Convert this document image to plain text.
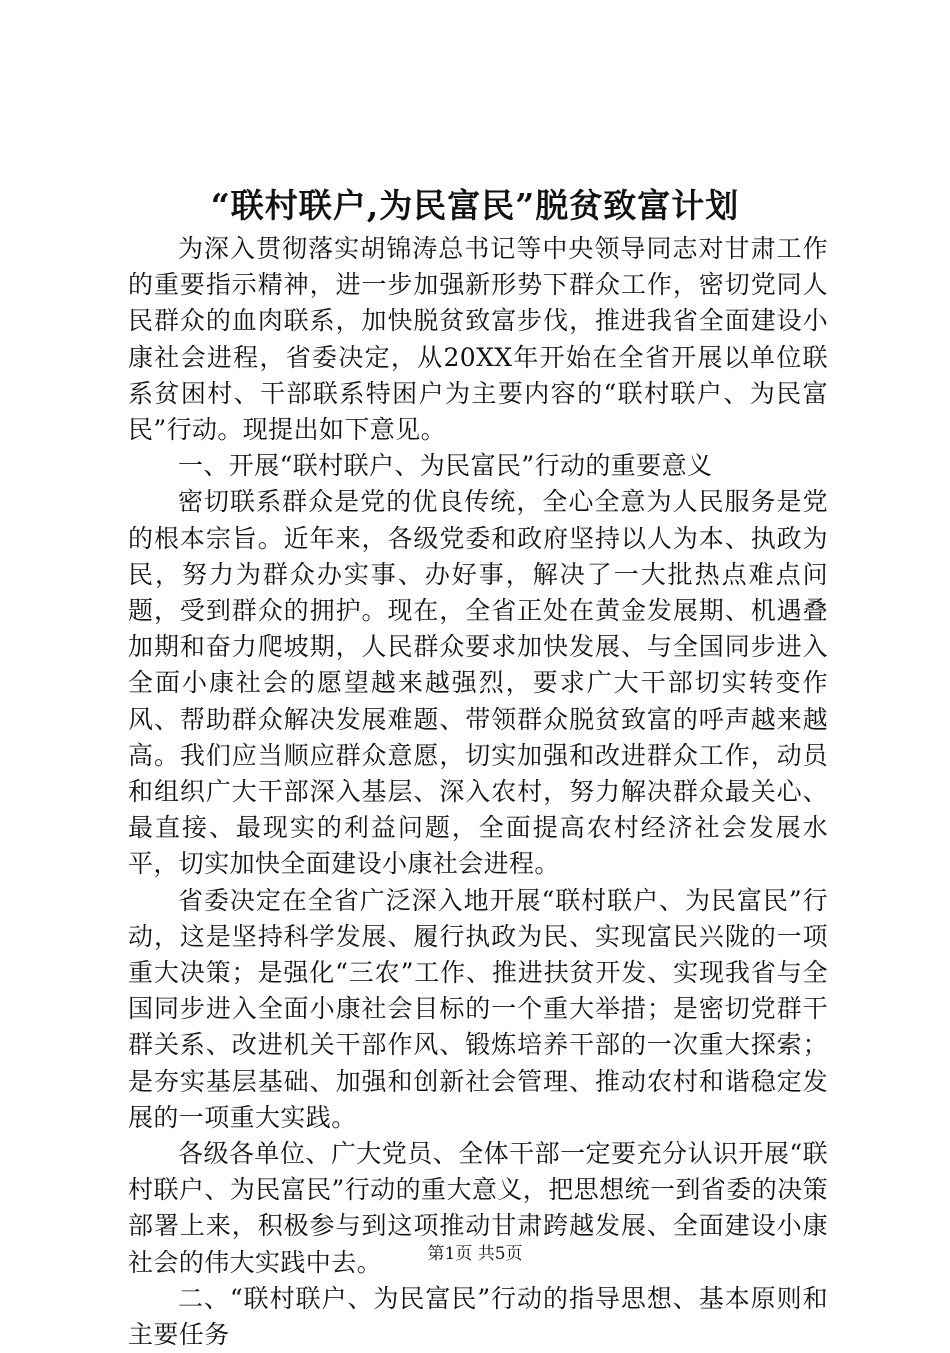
“联村联户,为民富民”脱贫致富计划

为深入贯彻落实胡锦涛总书记等中央领导同志对甘肃工作的重要指示精神，进一步加强新形势下群众工作，密切党同人民群众的血肉联系，加快脱贫致富步伐，推进我省全面建设小康社会进程，省委决定，从20XX年开始在全省开展以单位联系贫困村、干部联系特困户为主要内容的“联村联户、为民富民”行动。现提出如下意见。

一、开展“联村联户、为民富民”行动的重要意义

密切联系群众是党的优良传统，全心全意为人民服务是党的根本宗旨。近年来，各级党委和政府坚持以人为本、执政为民，努力为群众办实事、办好事，解决了一大批热点难点问题，受到群众的拥护。现在，全省正处在黄金发展期、机遇叠加期和奋力爬坡期，人民群众要求加快发展、与全国同步进入全面小康社会的愿望越来越强烈，要求广大干部切实转变作风、帮助群众解决发展难题、带领群众脱贫致富的呼声越来越高。我们应当顺应群众意愿，切实加强和改进群众工作，动员和组织广大干部深入基层、深入农村，努力解决群众最关心、最直接、最现实的利益问题，全面提高农村经济社会发展水平，切实加快全面建设小康社会进程。

省委决定在全省广泛深入地开展“联村联户、为民富民”行动，这是坚持科学发展、履行执政为民、实现富民兴陇的一项重大决策；是强化“三农”工作、推进扶贫开发、实现我省与全国同步进入全面小康社会目标的一个重大举措；是密切党群干群关系、改进机关干部作风、锻炼培养干部的一次重大探索；是夯实基层基础、加强和创新社会管理、推动农村和谐稳定发展的一项重大实践。

各级各单位、广大党员、全体干部一定要充分认识开展“联村联户、为民富民”行动的重大意义，把思想统一到省委的决策部署上来，积极参与到这项推动甘肃跨越发展、全面建设小康社会的伟大实践中去。

二、“联村联户、为民富民”行动的指导思想、基本原则和主要任务

第1页 共5页
